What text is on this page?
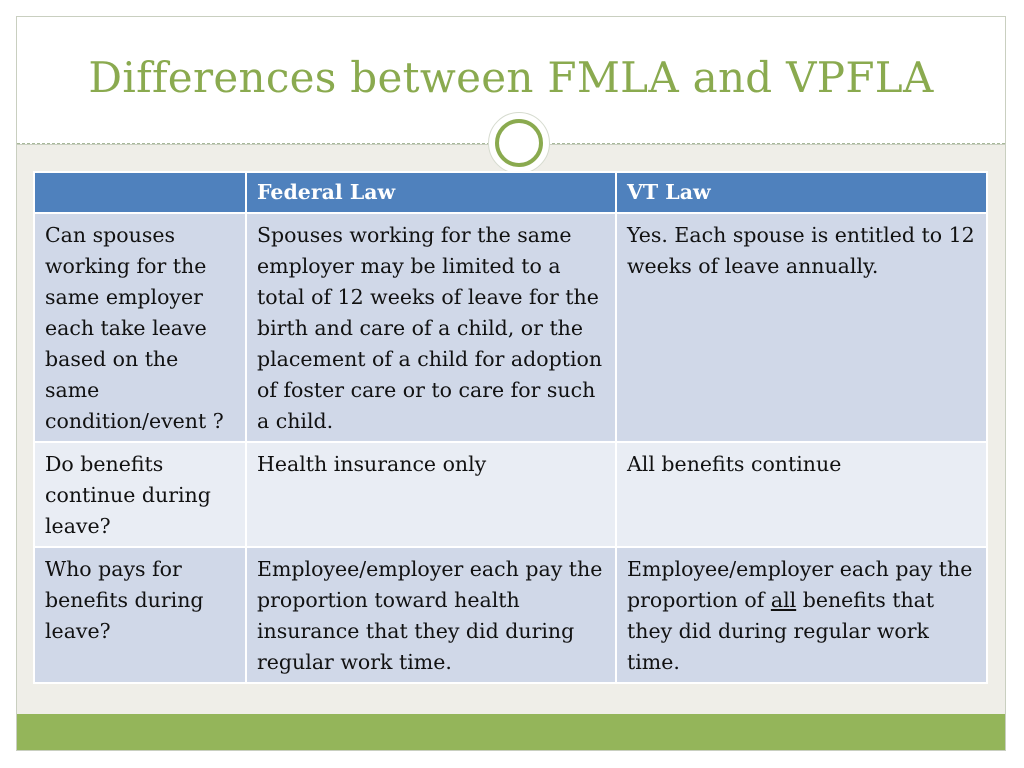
Differences between FMLA and VPFLA
	Federal Law	VT Law
Can spouses working for the same employer each take leave based on the same condition/event ?	Spouses working for the same employer may be limited to a total of 12 weeks of leave for the birth and care of a child, or the placement of a child for adoption of foster care or to care for such a child.	Yes. Each spouse is entitled to 12 weeks of leave annually.
Do benefits continue during leave?	Health insurance only	All benefits continue
Who pays for benefits during leave?	Employee/employer each pay the proportion toward health insurance that they did during regular work time.	Employee/employer each pay the proportion of all benefits that they did during regular work time.
